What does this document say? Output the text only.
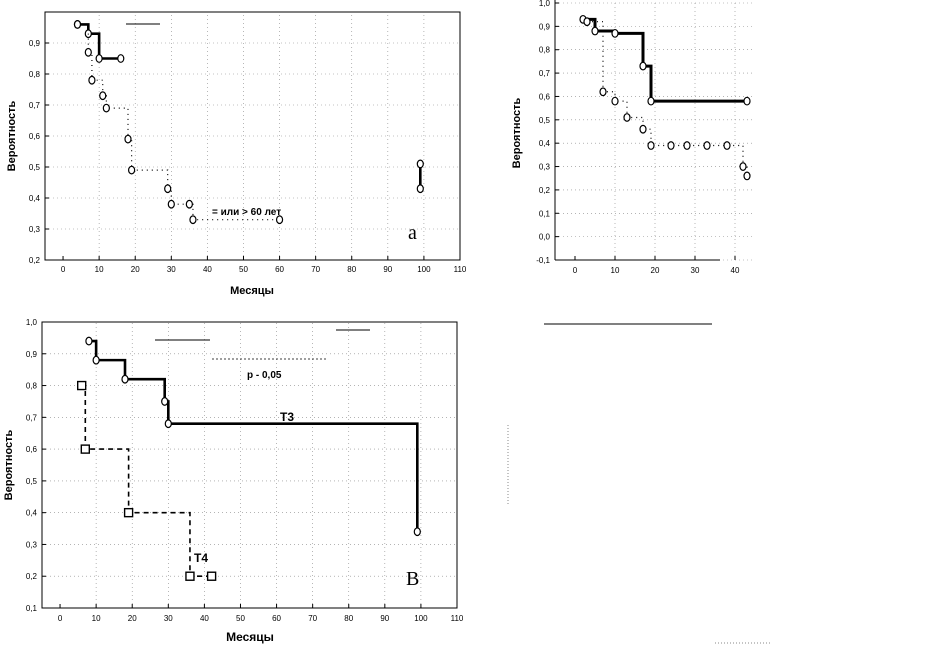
0	10	20	30	40	50	60	70	80	90	100	110
0,2
0,3
0,4
0,5
0,6
0,7
0,8
0,9
Вероятность
Месяцы
= или > 60 лет
a
0	10	20	30	40
-0,1
0,0
0,1
0,2
0,3
0,4
0,5
0,6
0,7
0,8
0,9
1,0
Вероятность
0	10	20	30	40	50	60	70	80	90	100	110
0,1
0,2
0,3
0,4
0,5
0,6
0,7
0,8
0,9
1,0
Вероятность
Месяцы
р - 0,05
T3
T4
B
